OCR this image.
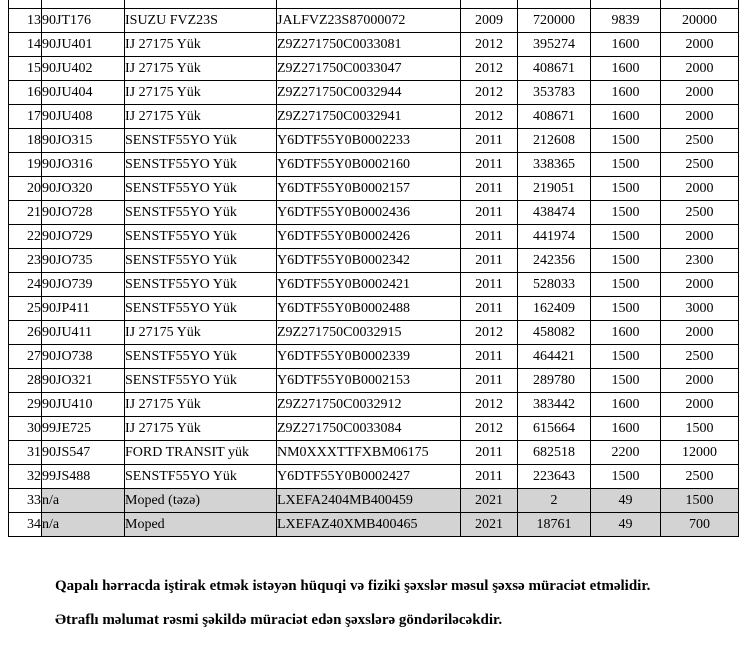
13	90JT176	ISUZU FVZ23S	JALFVZ23S87000072	2009	720000	9839	20000
14	90JU401	IJ 27175 Yük	Z9Z271750C0033081	2012	395274	1600	2000
15	90JU402	IJ 27175 Yük	Z9Z271750C0033047	2012	408671	1600	2000
16	90JU404	IJ 27175 Yük	Z9Z271750C0032944	2012	353783	1600	2000
17	90JU408	IJ 27175 Yük	Z9Z271750C0032941	2012	408671	1600	2000
18	90JO315	SENSTF55YO Yük	Y6DTF55Y0B0002233	2011	212608	1500	2500
19	90JO316	SENSTF55YO Yük	Y6DTF55Y0B0002160	2011	338365	1500	2500
20	90JO320	SENSTF55YO Yük	Y6DTF55Y0B0002157	2011	219051	1500	2000
21	90JO728	SENSTF55YO Yük	Y6DTF55Y0B0002436	2011	438474	1500	2500
22	90JO729	SENSTF55YO Yük	Y6DTF55Y0B0002426	2011	441974	1500	2000
23	90JO735	SENSTF55YO Yük	Y6DTF55Y0B0002342	2011	242356	1500	2300
24	90JO739	SENSTF55YO Yük	Y6DTF55Y0B0002421	2011	528033	1500	2000
25	90JP411	SENSTF55YO Yük	Y6DTF55Y0B0002488	2011	162409	1500	3000
26	90JU411	IJ 27175 Yük	Z9Z271750C0032915	2012	458082	1600	2000
27	90JO738	SENSTF55YO Yük	Y6DTF55Y0B0002339	2011	464421	1500	2500
28	90JO321	SENSTF55YO Yük	Y6DTF55Y0B0002153	2011	289780	1500	2000
29	90JU410	IJ 27175 Yük	Z9Z271750C0032912	2012	383442	1600	2000
30	99JE725	IJ 27175 Yük	Z9Z271750C0033084	2012	615664	1600	1500
31	90JS547	FORD TRANSIT yük	NM0XXXTTFXBM06175	2011	682518	2200	12000
32	99JS488	SENSTF55YO Yük	Y6DTF55Y0B0002427	2011	223643	1500	2500
33	n/a	Moped (təzə)	LXEFA2404MB400459	2021	2	49	1500
34	n/a	Moped	LXEFAZ40XMB400465	2021	18761	49	700

Qapalı hərracda iştirak etmək istəyən hüquqi və fiziki şəxslər məsul şəxsə müraciət etməlidir.

Ətraflı məlumat rəsmi şəkildə müraciət edən şəxslərə göndəriləcəkdir.
